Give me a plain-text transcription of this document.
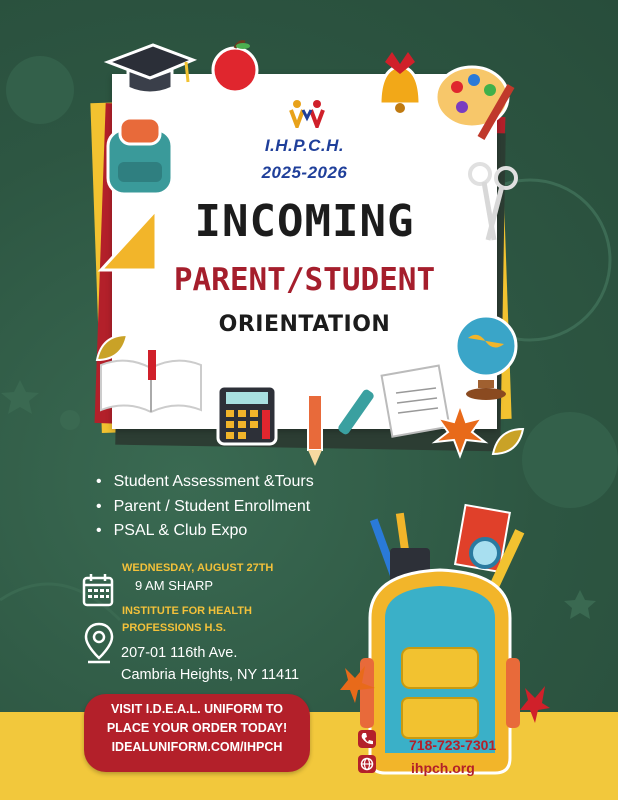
I.H.P.C.H.
2025-2026
INCOMING
PARENT/STUDENT
ORIENTATION
• Student Assessment &Tours
• Parent / Student Enrollment
• PSAL & Club Expo
WEDNESDAY, AUGUST 27TH
9 AM SHARP
INSTITUTE FOR HEALTH
PROFESSIONS H.S.
207-01 116th Ave.
Cambria Heights, NY 11411
VISIT I.D.E.A.L. UNIFORM TO
PLACE YOUR ORDER TODAY!
IDEALUNIFORM.COM/IHPCH	718-723-7301
ihpch.org
